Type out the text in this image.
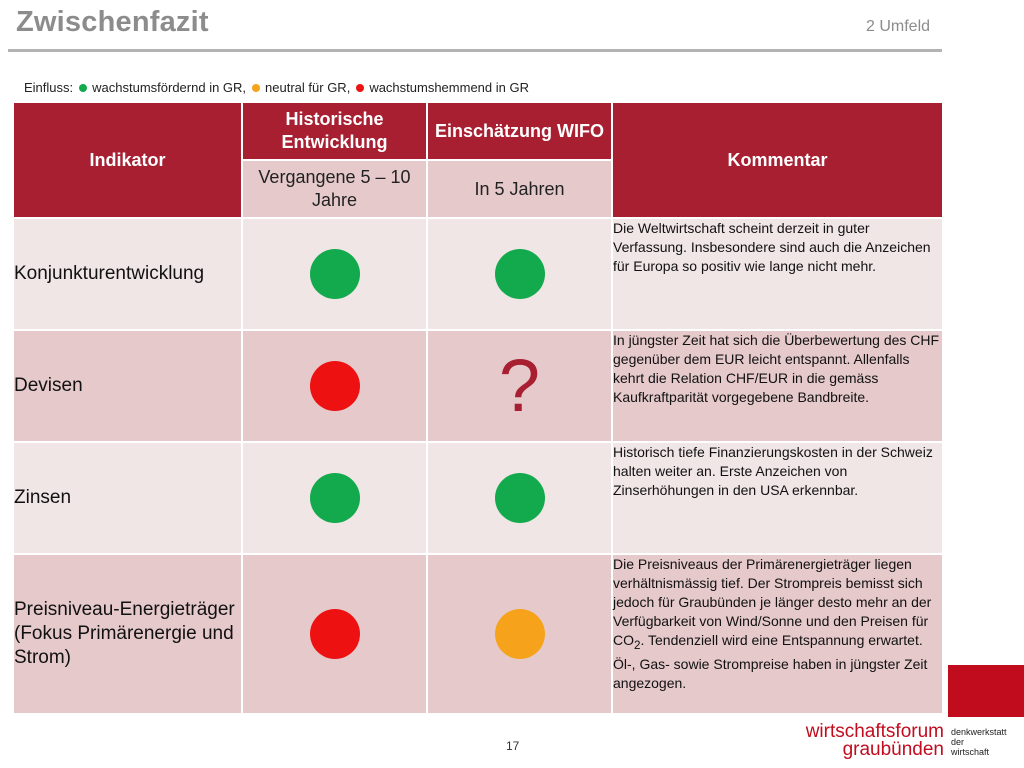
Zwischenfazit	2 Umfeld
Einfluss: wachstumsfördernd in GR, neutral für GR, wachstumshemmend in GR
Indikator	Historische Entwicklung	Einschätzung WIFO	Kommentar
	Vergangene 5 – 10 Jahre	In 5 Jahren	
Konjunkturentwicklung			Die Weltwirtschaft scheint derzeit in guter Verfassung. Insbesondere sind auch die Anzeichen für Europa so positiv wie lange nicht mehr.
Devisen		?	In jüngster Zeit hat sich die Überbewertung des CHF gegenüber dem EUR leicht entspannt. Allenfalls kehrt die Relation CHF/EUR in die gemäss Kaufkraftparität vorgegebene Bandbreite.
Zinsen			Historisch tiefe Finanzierungskosten in der Schweiz halten weiter an. Erste Anzeichen von Zinserhöhungen in den USA erkennbar.
Preisniveau-Energieträger (Fokus Primärenergie und Strom)			Die Preisniveaus der Primärenergieträger liegen verhältnismässig tief. Der Strompreis bemisst sich jedoch für Graubünden je länger desto mehr an der Verfügbarkeit von Wind/Sonne und den Preisen für $CO_2$. Tendenziell wird eine Entspannung erwartet. Öl-, Gas- sowie Strompreise haben in jüngster Zeit angezogen.
17
wirtschaftsforum
graubünden
denkwerkstatt
der
wirtschaft
